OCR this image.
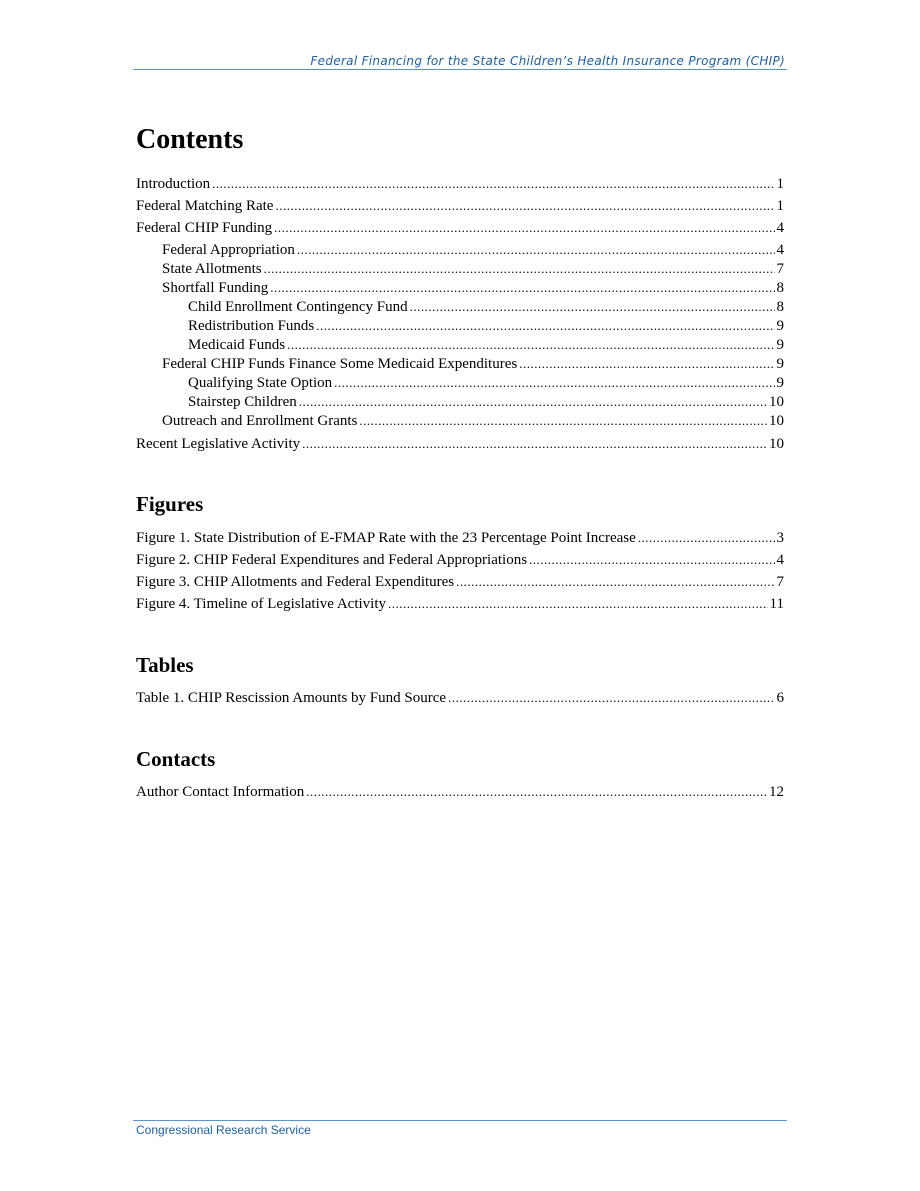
Federal Financing for the State Children’s Health Insurance Program (CHIP)
Contents
Introduction .....	1
Federal Matching Rate .....	1
Federal CHIP Funding .....	4
Federal Appropriation .....	4
State Allotments .....	7
Shortfall Funding .....	8
Child Enrollment Contingency Fund .....	8
Redistribution Funds .....	9
Medicaid Funds .....	9
Federal CHIP Funds Finance Some Medicaid Expenditures .....	9
Qualifying State Option .....	9
Stairstep Children .....	10
Outreach and Enrollment Grants .....	10
Recent Legislative Activity .....	10
Figures
Figure 1. State Distribution of E-FMAP Rate with the 23 Percentage Point Increase .....	3
Figure 2. CHIP Federal Expenditures and Federal Appropriations .....	4
Figure 3. CHIP Allotments and Federal Expenditures .....	7
Figure 4. Timeline of Legislative Activity .....	11
Tables
Table 1. CHIP Rescission Amounts by Fund Source .....	6
Contacts
Author Contact Information .....	12
Congressional Research Service
